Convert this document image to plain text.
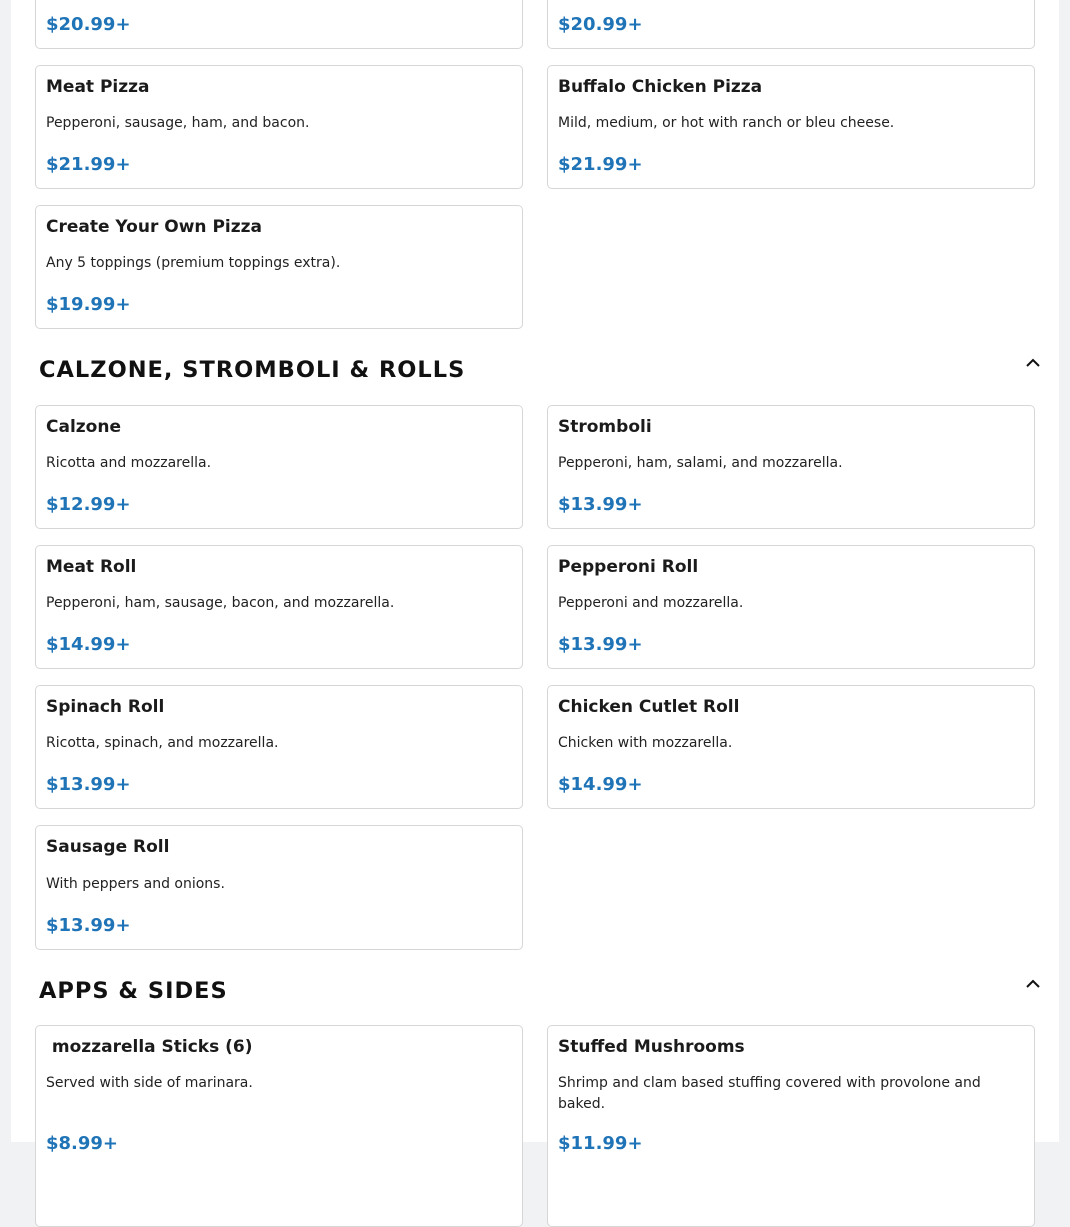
$20.99+	$20.99+
Meat Pizza
Pepperoni, sausage, ham, and bacon.
$21.99+
Buffalo Chicken Pizza
Mild, medium, or hot with ranch or bleu cheese.
$21.99+
Create Your Own Pizza
Any 5 toppings (premium toppings extra).
$19.99+
CALZONE, STROMBOLI & ROLLS
Calzone
Ricotta and mozzarella.
$12.99+
Stromboli
Pepperoni, ham, salami, and mozzarella.
$13.99+
Meat Roll
Pepperoni, ham, sausage, bacon, and mozzarella.
$14.99+
Pepperoni Roll
Pepperoni and mozzarella.
$13.99+
Spinach Roll
Ricotta, spinach, and mozzarella.
$13.99+
Chicken Cutlet Roll
Chicken with mozzarella.
$14.99+
Sausage Roll
With peppers and onions.
$13.99+
APPS & SIDES
mozzarella Sticks (6)
Served with side of marinara.
$8.99+
Stuffed Mushrooms
Shrimp and clam based stuffing covered with provolone and baked.
$11.99+
